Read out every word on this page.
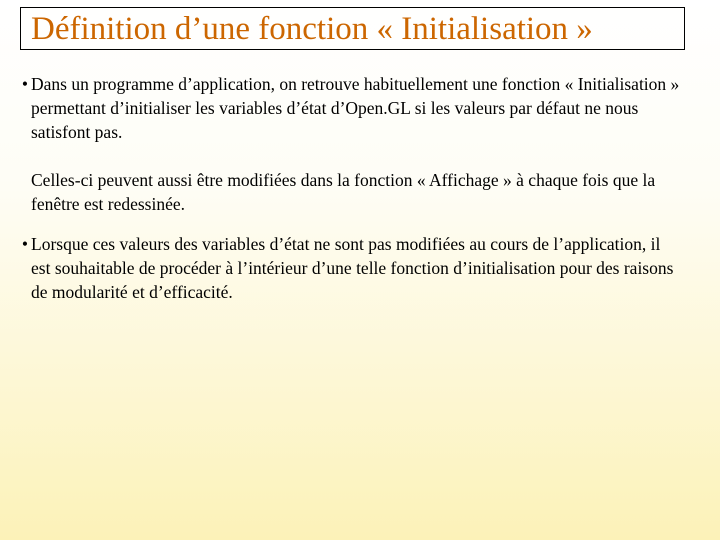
Définition d’une fonction « Initialisation »
• Dans un programme d’application, on retrouve habituellement une fonction « Initialisation » permettant d’initialiser les variables d’état d’Open.GL si les valeurs par défaut ne nous satisfont pas.
Celles-ci peuvent aussi être modifiées dans la fonction « Affichage » à chaque fois que la fenêtre est redessinée.
• Lorsque ces valeurs des variables d’état ne sont pas modifiées au cours de l’application, il est souhaitable de procéder à l’intérieur d’une telle fonction d’initialisation pour des raisons de modularité et d’efficacité.
